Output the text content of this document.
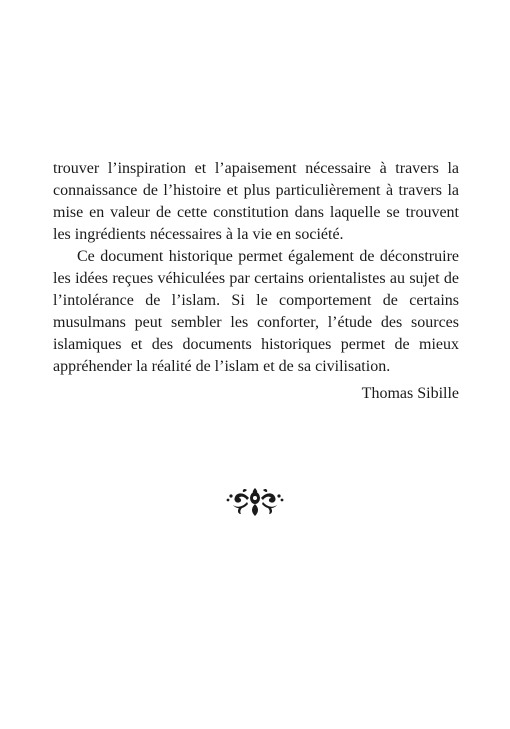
trouver l’inspiration et l’apaisement nécessaire à travers la connaissance de l’histoire et plus particulièrement à travers la mise en valeur de cette constitution dans laquelle se trouvent les ingrédients nécessaires à la vie en société.

Ce document historique permet également de déconstruire les idées reçues véhiculées par certains orientalistes au sujet de l’intolérance de l’islam. Si le comportement de certains musulmans peut sembler les conforter, l’étude des sources islamiques et des documents historiques permet de mieux appréhender la réalité de l’islam et de sa civilisation.

Thomas Sibille
